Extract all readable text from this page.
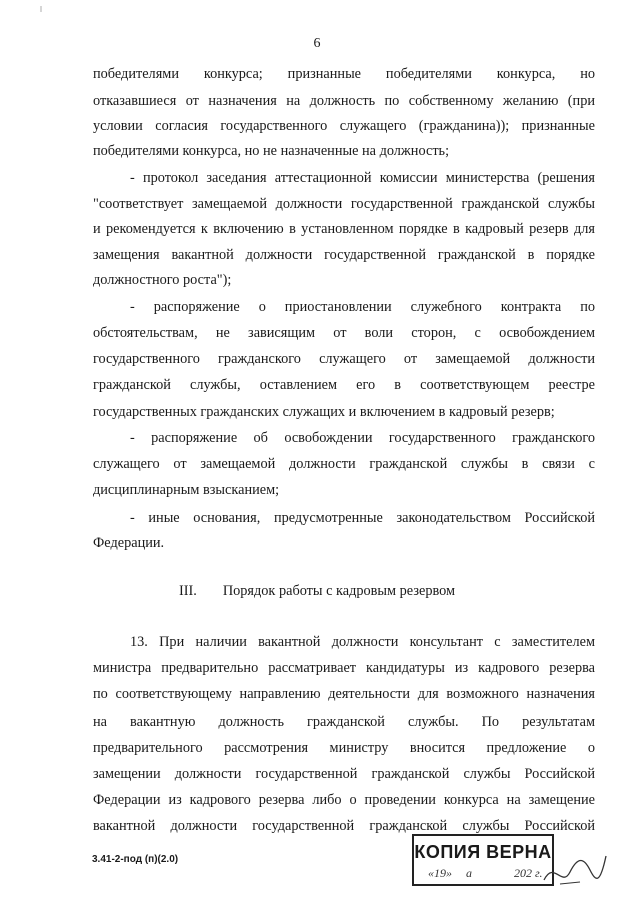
6
победителями конкурса; признанные победителями конкурса, но
отказавшиеся от назначения на должность по собственному желанию (при
условии согласия государственного служащего (гражданина)); признанные
победителями конкурса, но не назначенные на должность;
- протокол заседания аттестационной комиссии министерства (решения
"соответствует замещаемой должности государственной гражданской службы
и рекомендуется к включению в установленном порядке в кадровый резерв для
замещения вакантной должности государственной гражданской в порядке
должностного роста");
- распоряжение о приостановлении служебного контракта по
обстоятельствам, не зависящим от воли сторон, с освобождением
государственного гражданского служащего от замещаемой должности
гражданской службы, оставлением его в соответствующем реестре
государственных гражданских служащих и включением в кадровый резерв;
- распоряжение об освобождении государственного гражданского
служащего от замещаемой должности гражданской службы в связи с
дисциплинарным взысканием;
- иные основания, предусмотренные законодательством Российской
Федерации.
III. Порядок работы с кадровым резервом
13. При наличии вакантной должности консультант с заместителем
министра предварительно рассматривает кандидатуры из кадрового резерва
по соответствующему направлению деятельности для возможного назначения
на вакантную должность гражданской службы. По результатам
предварительного рассмотрения министру вносится предложение о
замещении должности государственной гражданской службы Российской
Федерации из кадрового резерва либо о проведении конкурса на замещение
вакантной должности государственной гражданской службы Российской
3.41-2-под (п)(2.0)	КОПИЯ ВЕРНА
«19» а	202 г.
